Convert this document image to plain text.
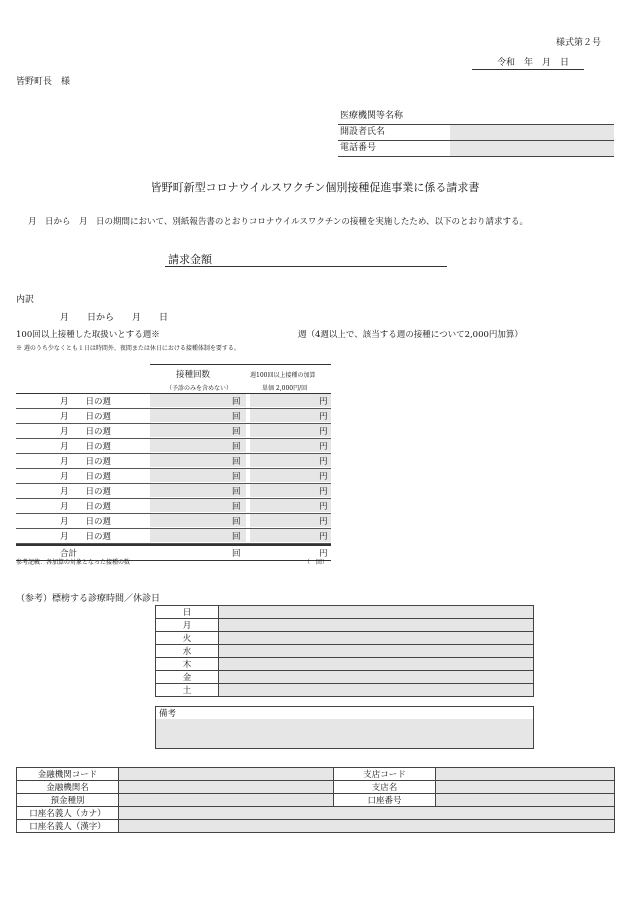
様式第２号
令和　年　月　日
皆野町長　様
医療機関等名称
開設者氏名
電話番号
皆野町新型コロナウイルスワクチン個別接種促進事業に係る請求書
月　日から　月　日の期間において、別紙報告書のとおりコロナウイルスワクチンの接種を実施したため、以下のとおり請求する。
請求金額
内訳
月　　日から　　月　　日
100回以上接種した取扱いとする週※	週（4週以上で、該当する週の接種について2,000円加算）
※ 週のうち少なくとも１日は時間外、夜間または休日における接種体制を要する。
接種回数
（予診のみを含めない）
週100回以上接種の加算
単価 2,000円/回
月　　日の週	回	円
月　　日の週	回	円
月　　日の週	回	円
月　　日の週	回	円
月　　日の週	回	円
月　　日の週	回	円
月　　日の週	回	円
月　　日の週	回	円
月　　日の週	回	円
月　　日の週	回	円
合計	回	円
参考記載：各加算の対象となった接種の数	（　回）
（参考）標榜する診療時間／休診日
日	
月	
火	
水	
木	
金	
土	
備考
金融機関コード		支店コード	
金融機関名		支店名	
預金種別		口座番号	
口座名義人（カナ）			
口座名義人（漢字）			
